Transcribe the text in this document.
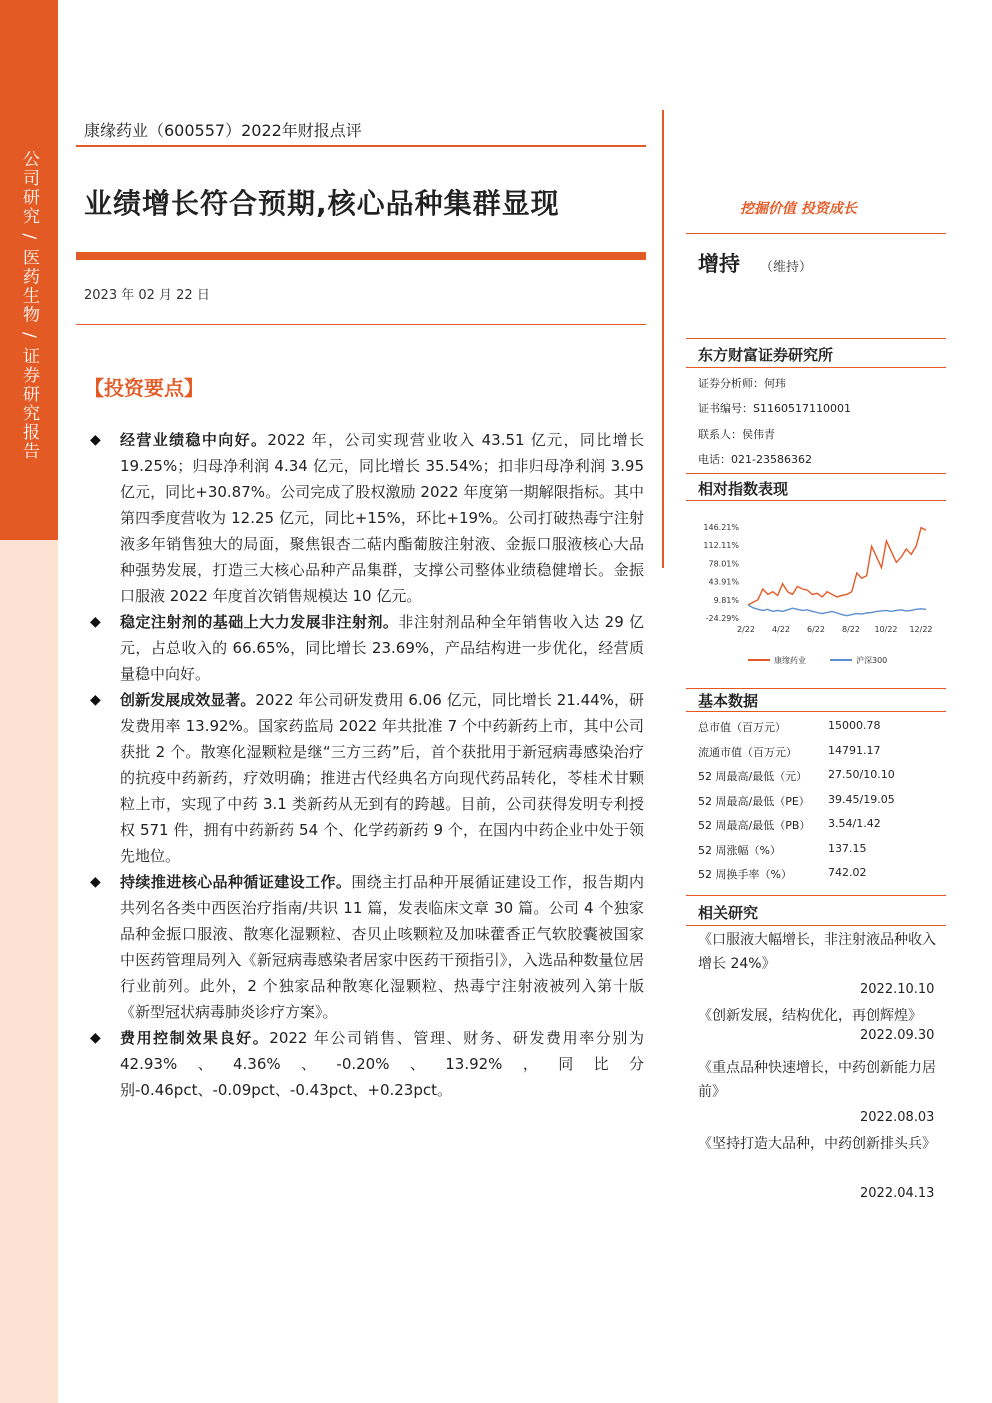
公司研究 / 医药生物 / 证券研究报告
康缘药业（600557）2022年财报点评
业绩增长符合预期,核心品种集群显现
2023 年 02 月 22 日
【投资要点】
◆ 经营业绩稳中向好。2022 年，公司实现营业收入 43.51 亿元，同比增长 19.25%；归母净利润 4.34 亿元，同比增长 35.54%；扣非归母净利润 3.95 亿元，同比+30.87%。公司完成了股权激励 2022 年度第一期解限指标。其中第四季度营收为 12.25 亿元，同比+15%，环比+19%。公司打破热毒宁注射液多年销售独大的局面，聚焦银杏二萜内酯葡胺注射液、金振口服液核心大品种强势发展，打造三大核心品种产品集群，支撑公司整体业绩稳健增长。金振口服液 2022 年度首次销售规模达 10 亿元。
◆ 稳定注射剂的基础上大力发展非注射剂。非注射剂品种全年销售收入达 29 亿元，占总收入的 66.65%，同比增长 23.69%，产品结构进一步优化，经营质量稳中向好。
◆ 创新发展成效显著。2022 年公司研发费用 6.06 亿元，同比增长 21.44%，研发费用率 13.92%。国家药监局 2022 年共批准 7 个中药新药上市，其中公司获批 2 个。散寒化湿颗粒是继“三方三药”后，首个获批用于新冠病毒感染治疗的抗疫中药新药，疗效明确；推进古代经典名方向现代药品转化，苓桂术甘颗粒上市，实现了中药 3.1 类新药从无到有的跨越。目前，公司获得发明专利授权 571 件，拥有中药新药 54 个、化学药新药 9 个，在国内中药企业中处于领先地位。
◆ 持续推进核心品种循证建设工作。围绕主打品种开展循证建设工作，报告期内共列名各类中西医治疗指南/共识 11 篇，发表临床文章 30 篇。公司 4 个独家品种金振口服液、散寒化湿颗粒、杏贝止咳颗粒及加味藿香正气软胶囊被国家中医药管理局列入《新冠病毒感染者居家中医药干预指引》，入选品种数量位居行业前列。此外，2 个独家品种散寒化湿颗粒、热毒宁注射液被列入第十版《新型冠状病毒肺炎诊疗方案》。
◆ 费用控制效果良好。2022 年公司销售、管理、财务、研发费用率分别为 42.93%、4.36%、-0.20%、13.92%，同比分别-0.46pct、-0.09pct、-0.43pct、+0.23pct。
挖掘价值 投资成长
增持 （维持）
东方财富证券研究所
证券分析师：何玮
证书编号：S1160517110001
联系人：侯伟青
电话：021-23586362
相对指数表现
146.21%
112.11%
78.01%
43.91%
9.81%
-24.29%
2/22 4/22 6/22 8/22 10/22 12/22
康缘药业	沪深300
基本数据
总市值（百万元）	15000.78
流通市值（百万元）	14791.17
52 周最高/最低（元） 27.50/10.10
52 周最高/最低（PE） 39.45/19.05
52 周最高/最低（PB） 3.54/1.42
52 周涨幅（%）	137.15
52 周换手率（%）	742.02
相关研究
《口服液大幅增长，非注射液品种收入增长 24%》
2022.10.10
《创新发展，结构优化，再创辉煌》
2022.09.30
《重点品种快速增长，中药创新能力居前》
2022.08.03
《坚持打造大品种，中药创新排头兵》
2022.04.13
